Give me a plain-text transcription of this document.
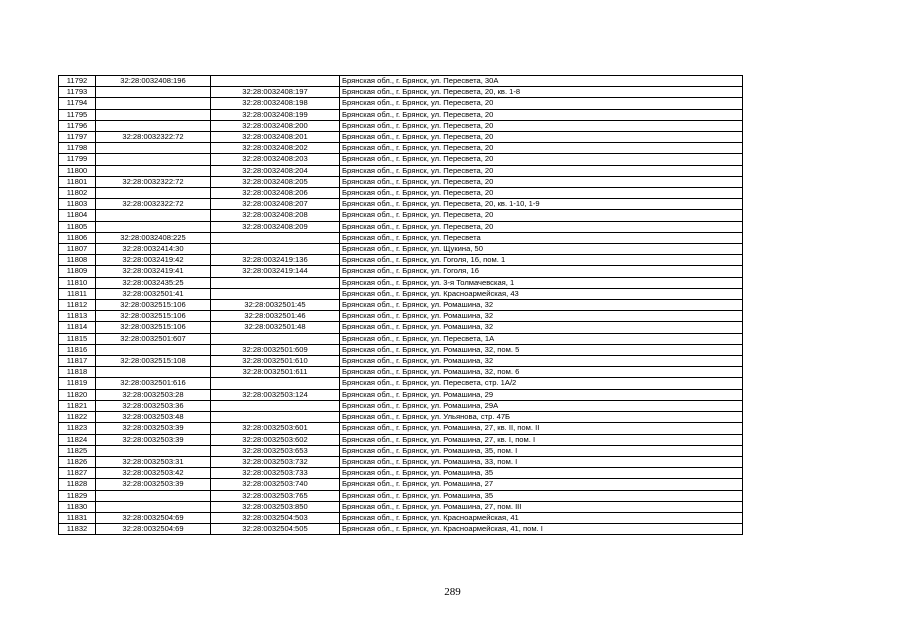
11792	32:28:0032408:196		Брянская обл., г. Брянск, ул. Пересвета, 30А
11793		32:28:0032408:197	Брянская обл., г. Брянск, ул. Пересвета, 20, кв. 1-8
11794		32:28:0032408:198	Брянская обл., г. Брянск, ул. Пересвета, 20
11795		32:28:0032408:199	Брянская обл., г. Брянск, ул. Пересвета, 20
11796		32:28:0032408:200	Брянская обл., г. Брянск, ул. Пересвета, 20
11797	32:28:0032322:72	32:28:0032408:201	Брянская обл., г. Брянск, ул. Пересвета, 20
11798		32:28:0032408:202	Брянская обл., г. Брянск, ул. Пересвета, 20
11799		32:28:0032408:203	Брянская обл., г. Брянск, ул. Пересвета, 20
11800		32:28:0032408:204	Брянская обл., г. Брянск, ул. Пересвета, 20
11801	32:28:0032322:72	32:28:0032408:205	Брянская обл., г. Брянск, ул. Пересвета, 20
11802		32:28:0032408:206	Брянская обл., г. Брянск, ул. Пересвета, 20
11803	32:28:0032322:72	32:28:0032408:207	Брянская обл., г. Брянск, ул. Пересвета, 20, кв. 1-10, 1-9
11804		32:28:0032408:208	Брянская обл., г. Брянск, ул. Пересвета, 20
11805		32:28:0032408:209	Брянская обл., г. Брянск, ул. Пересвета, 20
11806	32:28:0032408:225		Брянская обл., г. Брянск, ул. Пересвета
11807	32:28:0032414:30		Брянская обл., г. Брянск, ул. Щукина, 50
11808	32:28:0032419:42	32:28:0032419:136	Брянская обл., г. Брянск, ул. Гоголя, 16, пом. 1
11809	32:28:0032419:41	32:28:0032419:144	Брянская обл., г. Брянск, ул. Гоголя, 16
11810	32:28:0032435:25		Брянская обл., г. Брянск, ул. 3-я Толмачевская, 1
11811	32:28:0032501:41		Брянская обл., г. Брянск, ул. Красноармейская, 43
11812	32:28:0032515:106	32:28:0032501:45	Брянская обл., г. Брянск, ул. Ромашина, 32
11813	32:28:0032515:106	32:28:0032501:46	Брянская обл., г. Брянск, ул. Ромашина, 32
11814	32:28:0032515:106	32:28:0032501:48	Брянская обл., г. Брянск, ул. Ромашина, 32
11815	32:28:0032501:607		Брянская обл., г. Брянск, ул. Пересвета, 1А
11816		32:28:0032501:609	Брянская обл., г. Брянск, ул. Ромашина, 32, пом. 5
11817	32:28:0032515:108	32:28:0032501:610	Брянская обл., г. Брянск, ул. Ромашина, 32
11818		32:28:0032501:611	Брянская обл., г. Брянск, ул. Ромашина, 32, пом. 6
11819	32:28:0032501:616		Брянская обл., г. Брянск, ул. Пересвета, стр. 1А/2
11820	32:28:0032503:28	32:28:0032503:124	Брянская обл., г. Брянск, ул. Ромашина, 29
11821	32:28:0032503:36		Брянская обл., г. Брянск, ул. Ромашина, 29А
11822	32:28:0032503:48		Брянская обл., г. Брянск, ул. Ульянова, стр. 47Б
11823	32:28:0032503:39	32:28:0032503:601	Брянская обл., г. Брянск, ул. Ромашина, 27, кв. II, пом. II
11824	32:28:0032503:39	32:28:0032503:602	Брянская обл., г. Брянск, ул. Ромашина, 27, кв. I, пом. I
11825		32:28:0032503:653	Брянская обл., г. Брянск, ул. Ромашина, 35, пом. I
11826	32:28:0032503:31	32:28:0032503:732	Брянская обл., г. Брянск, ул. Ромашина, 33, пом. I
11827	32:28:0032503:42	32:28:0032503:733	Брянская обл., г. Брянск, ул. Ромашина, 35
11828	32:28:0032503:39	32:28:0032503:740	Брянская обл., г. Брянск, ул. Ромашина, 27
11829		32:28:0032503:765	Брянская обл., г. Брянск, ул. Ромашина, 35
11830		32:28:0032503:850	Брянская обл., г. Брянск, ул. Ромашина, 27, пом. III
11831	32:28:0032504:69	32:28:0032504:503	Брянская обл., г. Брянск, ул. Красноармейская, 41
11832	32:28:0032504:69	32:28:0032504:505	Брянская обл., г. Брянск, ул. Красноармейская, 41, пом. I
289
